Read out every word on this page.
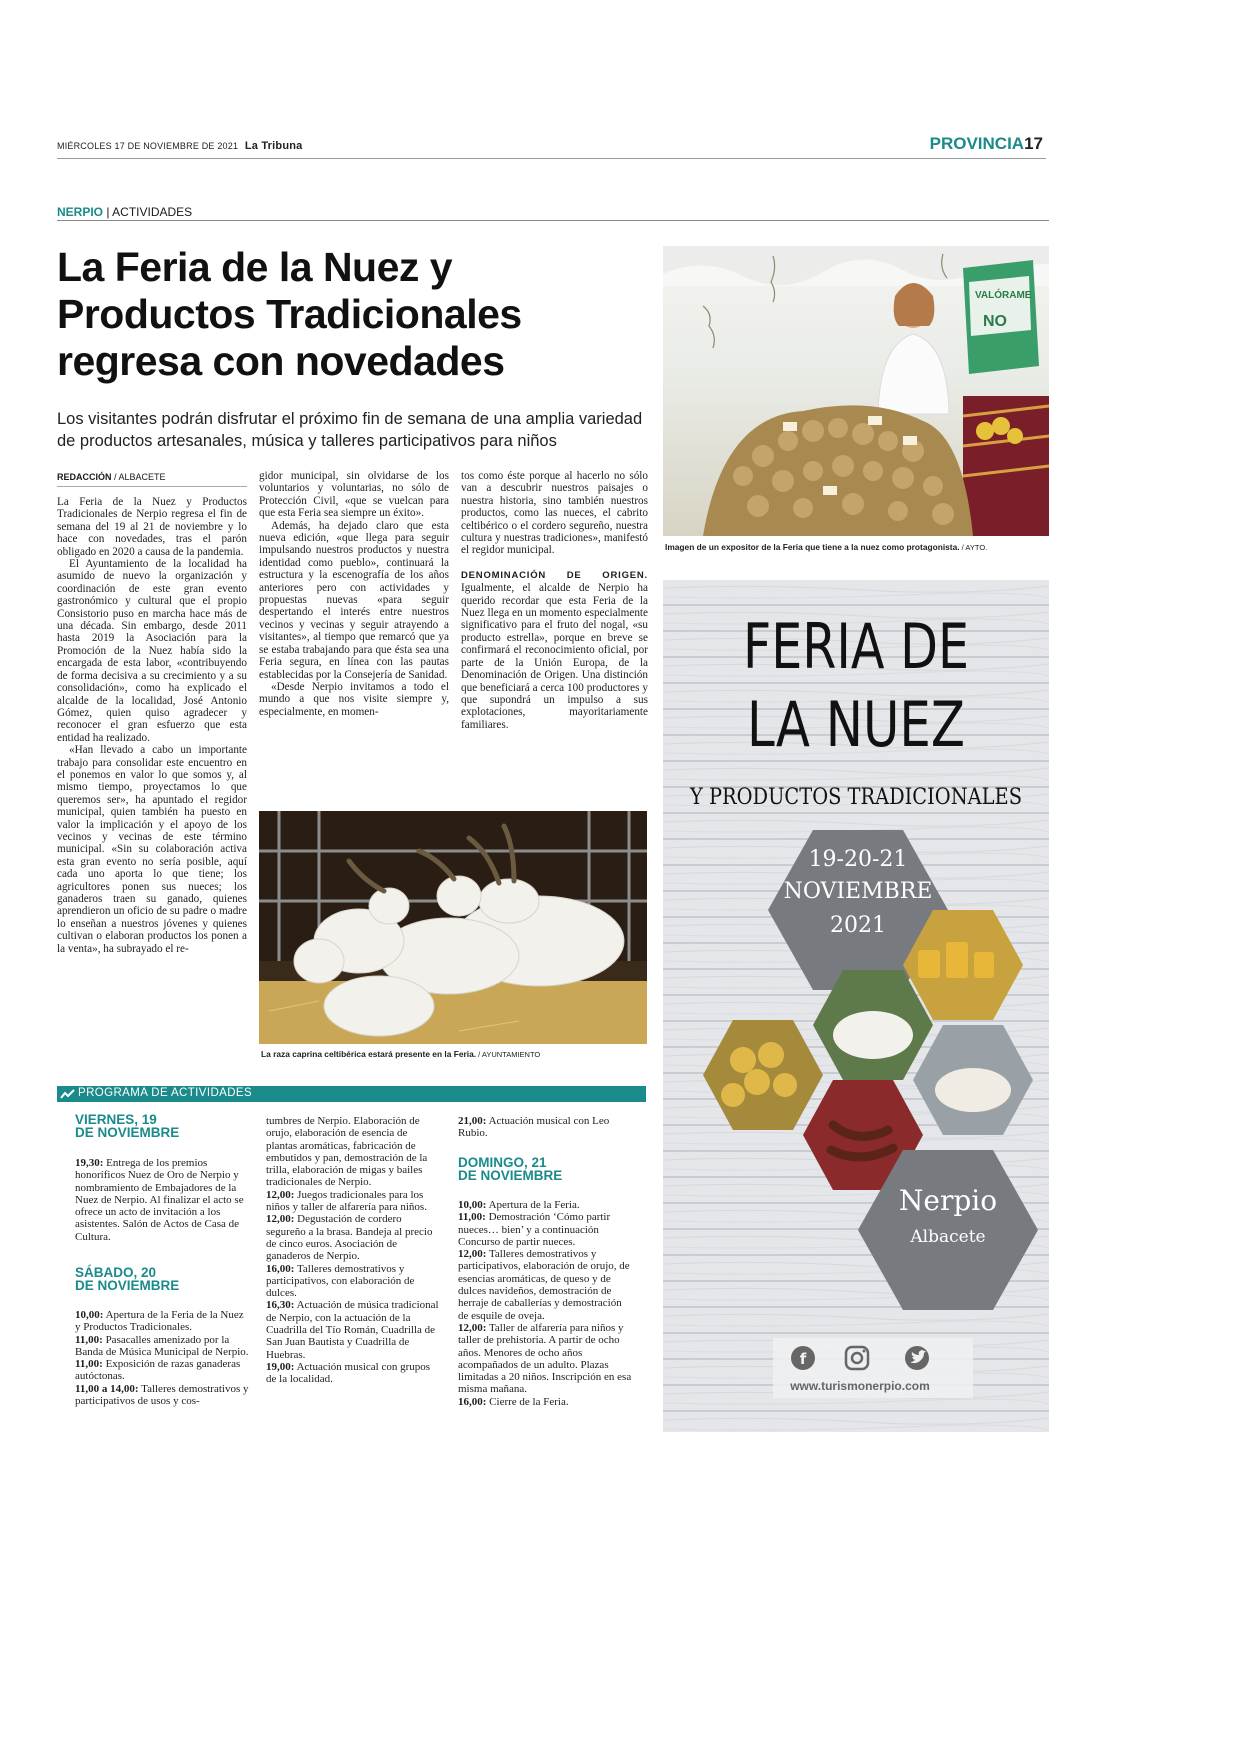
MIÉRCOLES 17 DE NOVIEMBRE DE 2021 La Tribuna	PROVINCIA17
NERPIO | ACTIVIDADES
La Feria de la Nuez y Productos Tradicionales regresa con novedades
Los visitantes podrán disfrutar el próximo fin de semana de una amplia variedad de productos artesanales, música y talleres participativos para niños
REDACCIÓN / ALBACETE

La Feria de la Nuez y Productos Tradicionales de Nerpio regresa el fin de semana del 19 al 21 de noviembre y lo hace con novedades, tras el parón obligado en 2020 a causa de la pandemia.

El Ayuntamiento de la localidad ha asumido de nuevo la organización y coordinación de este gran evento gastronómico y cultural que el propio Consistorio puso en marcha hace más de una década. Sin embargo, desde 2011 hasta 2019 la Asociación para la Promoción de la Nuez había sido la encargada de esta labor, «contribuyendo de forma decisiva a su crecimiento y a su consolidación», como ha explicado el alcalde de la localidad, José Antonio Gómez, quien quiso agradecer y reconocer el gran esfuerzo que esta entidad ha realizado.

«Han llevado a cabo un importante trabajo para consolidar este encuentro en el ponemos en valor lo que somos y, al mismo tiempo, proyectamos lo que queremos ser», ha apuntado el regidor municipal, quien también ha puesto en valor la implicación y el apoyo de los vecinos y vecinas de este término municipal. «Sin su colaboración activa esta gran evento no sería posible, aquí cada uno aporta lo que tiene; los agricultores ponen sus nueces; los ganaderos traen su ganado, quienes aprendieron un oficio de su padre o madre lo enseñan a nuestros jóvenes y quienes cultivan o elaboran productos los ponen a la venta», ha subrayado el re-

gidor municipal, sin olvidarse de los voluntarios y voluntarias, no sólo de Protección Civil, «que se vuelcan para que esta Feria sea siempre un éxito».

Además, ha dejado claro que esta nueva edición, «que llega para seguir impulsando nuestros productos y nuestra identidad como pueblo», continuará la estructura y la escenografía de los años anteriores pero con actividades y propuestas nuevas «para seguir despertando el interés entre nuestros vecinos y vecinas y seguir atrayendo a visitantes», al tiempo que remarcó que ya se estaba trabajando para que ésta sea una Feria segura, en línea con las pautas establecidas por la Consejería de Sanidad.

«Desde Nerpio invitamos a todo el mundo a que nos visite siempre y, especialmente, en momen-

tos como éste porque al hacerlo no sólo van a descubrir nuestros paisajes o nuestra historia, sino también nuestros productos, como las nueces, el cabrito celtibérico o el cordero segureño, nuestra cultura y nuestras tradiciones», manifestó el regidor municipal.

DENOMINACIÓN DE ORIGEN. Igualmente, el alcalde de Nerpio ha querido recordar que esta Feria de la Nuez llega en un momento especialmente significativo para el fruto del nogal, «su producto estrella», porque en breve se confirmará el reconocimiento oficial, por parte de la Unión Europa, de la Denominación de Origen. Una distinción que beneficiará a cerca 100 productores y que supondrá un impulso a sus explotaciones, mayoritariamente familiares.

VALÓRAME
NO
Imagen de un expositor de la Feria que tiene a la nuez como protagonista. / AYTO.
La raza caprina celtibérica estará presente en la Feria. / AYUNTAMIENTO
PROGRAMA DE ACTIVIDADES
VIERNES, 19
DE NOVIEMBRE

19,30: Entrega de los premios honoríficos Nuez de Oro de Nerpio y nombramiento de Embajadores de la Nuez de Nerpio. Al finalizar el acto se ofrece un acto de invitación a los asistentes. Salón de Actos de Casa de Cultura.

SÁBADO, 20
DE NOVIEMBRE

10,00: Apertura de la Feria de la Nuez y Productos Tradicionales.

11,00: Pasacalles amenizado por la Banda de Música Municipal de Nerpio.

11,00: Exposición de razas ganaderas autóctonas.

11,00 a 14,00: Talleres demostrativos y participativos de usos y cos-

tumbres de Nerpio. Elaboración de orujo, elaboración de esencia de plantas aromáticas, fabricación de embutidos y pan, demostración de la trilla, elaboración de migas y bailes tradicionales de Nerpio.

12,00: Juegos tradicionales para los niños y taller de alfarería para niños.

12,00: Degustación de cordero segureño a la brasa. Bandeja al precio de cinco euros. Asociación de ganaderos de Nerpio.

16,00: Talleres demostrativos y participativos, con elaboración de dulces.

16,30: Actuación de música tradicional de Nerpio, con la actuación de la Cuadrilla del Tío Román, Cuadrilla de San Juan Bautista y Cuadrilla de Huebras.

19,00: Actuación musical con grupos de la localidad.

21,00: Actuación musical con Leo Rubio.

DOMINGO, 21
DE NOVIEMBRE

10,00: Apertura de la Feria.

11,00: Demostración ‘Cómo partir nueces… bien’ y a continuación Concurso de partir nueces.

12,00: Talleres demostrativos y participativos, elaboración de orujo, de esencias aromáticas, de queso y de dulces navideños, demostración de herraje de caballerías y demostración de esquile de oveja.

12,00: Taller de alfarería para niños y taller de prehistoria. A partir de ocho años. Menores de ocho años acompañados de un adulto. Plazas limitadas a 20 niños. Inscripción en esa misma mañana.

16,00: Cierre de la Feria.

FERIA DE
LA NUEZ
Y PRODUCTOS TRADICIONALES
19-20-21
NOVIEMBRE
2021
Nerpio
Albacete
f
www.turismonerpio.com
